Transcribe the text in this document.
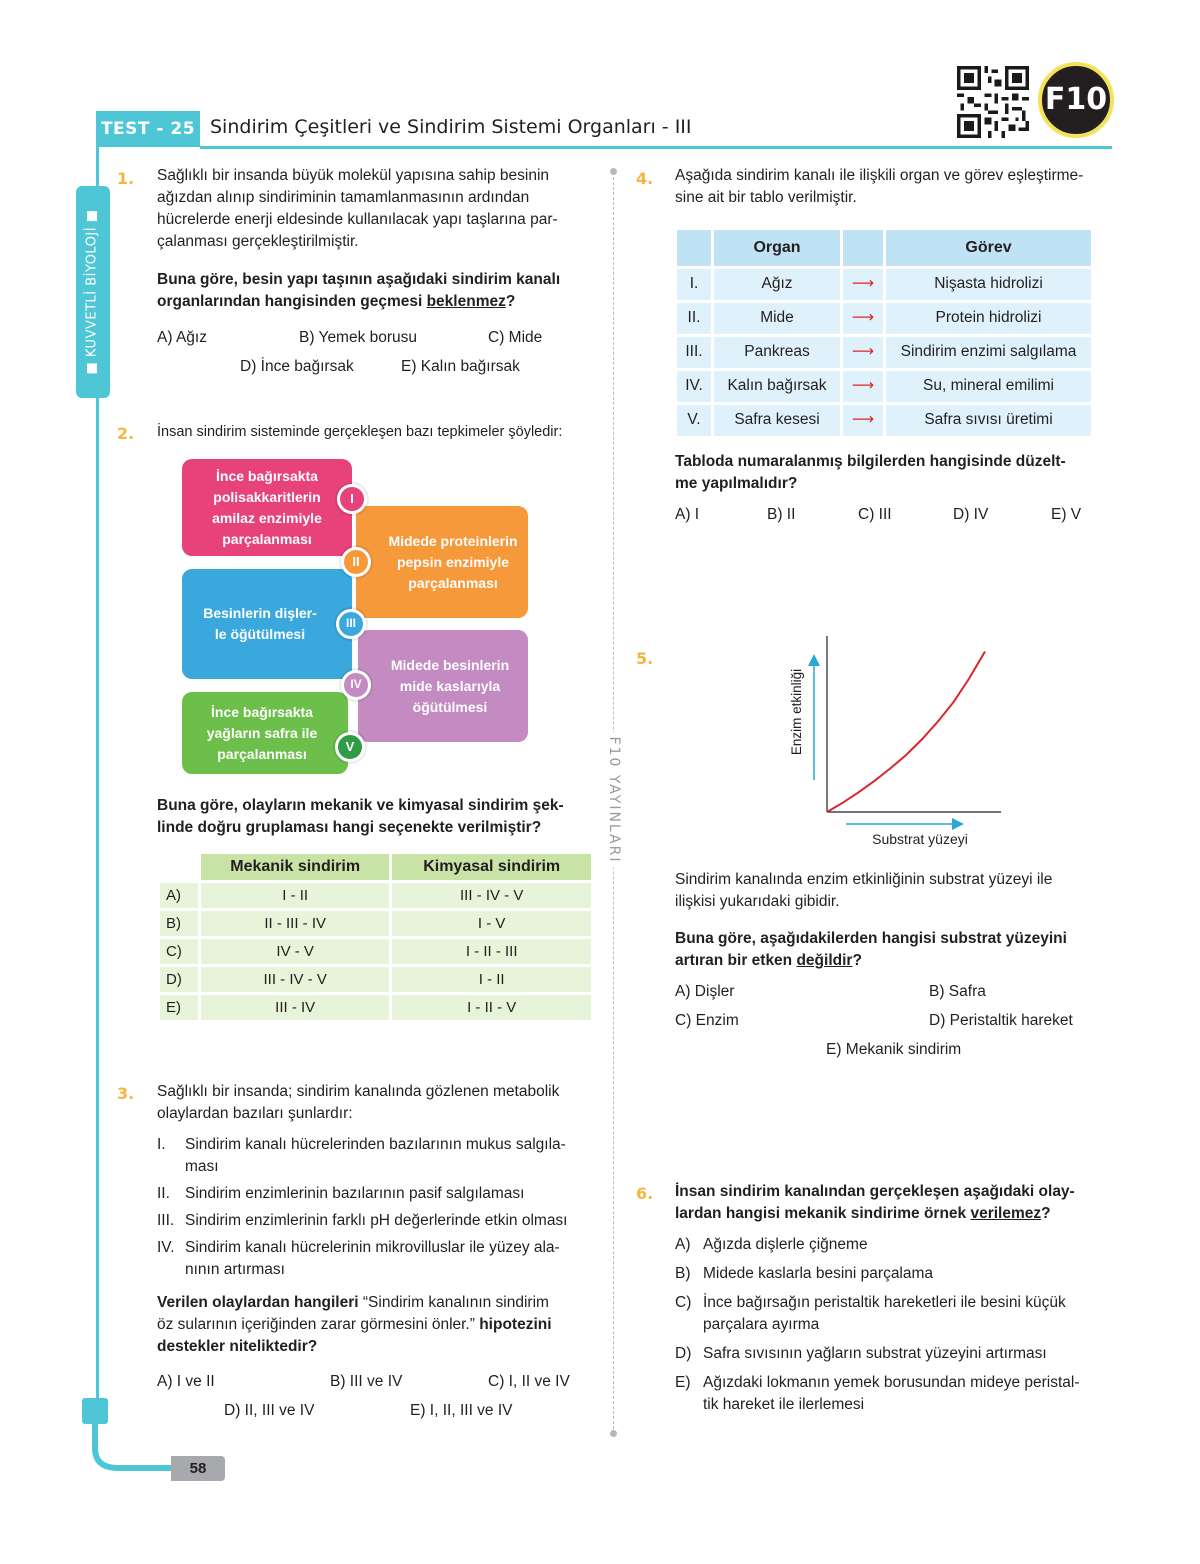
TEST - 25 Sindirim Çeşitleri ve Sindirim Sistemi Organları - III
■ KUVVETLİ BİYOLOJİ ■
F10
F10 YAYINLARI
1. Sağlıklı bir insanda büyük molekül yapısına sahip besinin
ağızdan alınıp sindiriminin tamamlanmasının ardından
hücrelerde enerji eldesinde kullanılacak yapı taşlarına par-
çalanması gerçekleştirilmiştir.
Buna göre, besin yapı taşının aşağıdaki sindirim kanalı
organlarından hangisinden geçmesi beklenmez?
A) Ağız	B) Yemek borusu	C) Mide
D) İnce bağırsak	E) Kalın bağırsak
2. İnsan sindirim sisteminde gerçekleşen bazı tepkimeler şöyledir:
İnce bağırsakta
polisakkaritlerin
amilaz enzimiyle
parçalanması	Midede proteinlerin
pepsin enzimiyle
parçalanması
Besinlerin dişler-
le öğütülmesi
Midede besinlerin
mide kaslarıyla
öğütülmesi
İnce bağırsakta
yağların safra ile
parçalanması
I
II
III
IV
V
Buna göre, olayların mekanik ve kimyasal sindirim şek-
linde doğru gruplaması hangi seçenekte verilmiştir?
	Mekanik sindirim	Kimyasal sindirim
A)	I - II	III - IV - V
B)	II - III - IV	I - V
C)	IV - V	I - II - III
D)	III - IV - V	I - II
E)	III - IV	I - II - V
3. Sağlıklı bir insanda; sindirim kanalında gözlenen metabolik
olaylardan bazıları şunlardır:
I.	Sindirim kanalı hücrelerinden bazılarının mukus salgıla-
ması
II. Sindirim enzimlerinin bazılarının pasif salgılaması
III. Sindirim enzimlerinin farklı pH değerlerinde etkin olması
IV. Sindirim kanalı hücrelerinin mikrovilluslar ile yüzey ala-
nının artırması
Verilen olaylardan hangileri “Sindirim kanalının sindirim
öz sularının içeriğinden zarar görmesini önler.” hipotezini
destekler niteliktedir?
A) I ve II	B) III ve IV	C) I, II ve IV
D) II, III ve IV	E) I, II, III ve IV
4. Aşağıda sindirim kanalı ile ilişkili organ ve görev eşleştirme-
sine ait bir tablo verilmiştir.
	Organ		Görev
I.	Ağız	⟶	Nişasta hidrolizi
II.	Mide	⟶	Protein hidrolizi
III.	Pankreas	⟶	Sindirim enzimi salgılama
IV.	Kalın bağırsak	⟶	Su, mineral emilimi
V.	Safra kesesi	⟶	Safra sıvısı üretimi
Tabloda numaralanmış bilgilerden hangisinde düzelt-
me yapılmalıdır?
A) I	B) II	C) III	D) IV	E) V
5.
Enzim etkinliği
Substrat yüzeyi
Sindirim kanalında enzim etkinliğinin substrat yüzeyi ile
ilişkisi yukarıdaki gibidir.
Buna göre, aşağıdakilerden hangisi substrat yüzeyini
artıran bir etken değildir?
A) Dişler	B) Safra
C) Enzim	D) Peristaltik hareket
E) Mekanik sindirim
6. İnsan sindirim kanalından gerçekleşen aşağıdaki olay-
lardan hangisi mekanik sindirime örnek verilemez?
A) Ağızda dişlerle çiğneme
B) Midede kaslarla besini parçalama
C) İnce bağırsağın peristaltik hareketleri ile besini küçük
parçalara ayırma
D) Safra sıvısının yağların substrat yüzeyini artırması
E) Ağızdaki lokmanın yemek borusundan mideye peristal-
tik hareket ile ilerlemesi
58
